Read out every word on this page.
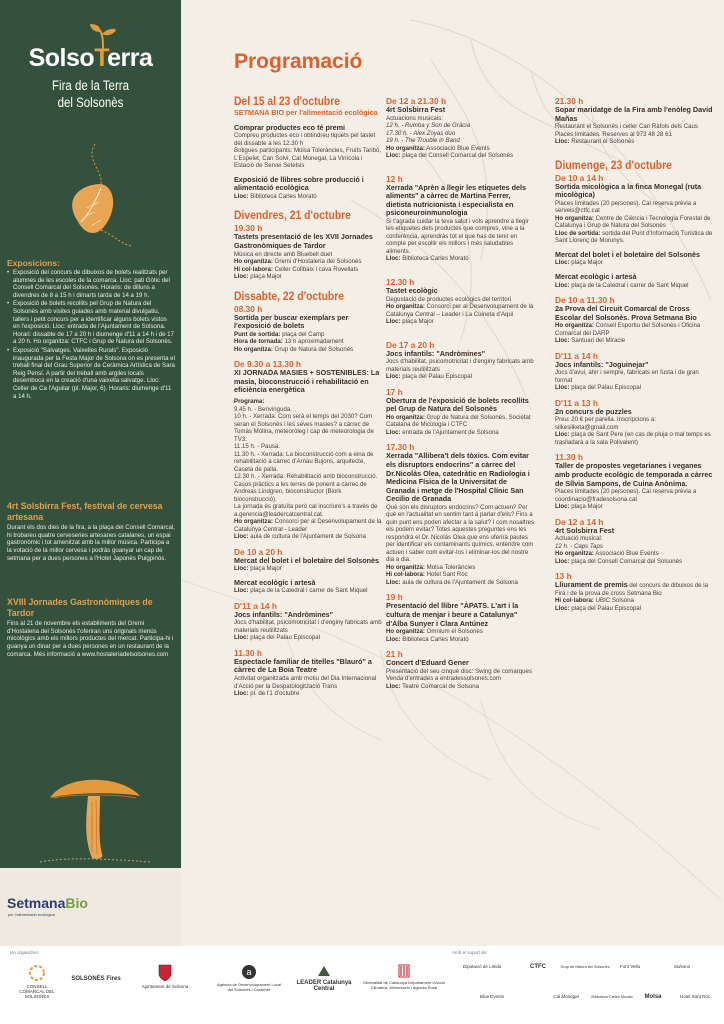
SolsoTerra
Fira de la Terra
del Solsonès
Exposicions:
• Exposició del concurs de dibuixos de bolets realitzats per alumnes de les escoles de la comarca. Lloc: pati Gòtic del Consell Comarcal del Solsonès. Horaris: de dilluns a divendres de 8 a 15 h i dimarts tarda de 14 a 19 h.
• Exposició de bolets recollits pel Grup de Natura del Solsonès amb visites guiades amb material divulgatiu, tallers i petit concurs per a identificar alguns bolets vistos en l'exposició. Lloc: entrada de l'Ajuntament de Solsona. Horari: dissabte de 17 a 20 h i diumenge d'11 a 14 h i de 17 a 20 h. Ho organitza: CTFC i Grup de Natura del Solsonès.
• Exposició "Salvatges. Vaixelles Rurals". Exposició inaugurada per la Festa Major de Solsona on es presenta el treball final del Grau Superior de Ceràmica Artística de Sara Reig Pensí. A partir del treball amb argiles locals desemboca en la creació d'una vaixella salvatge. Lloc: Celler de Ca l'Aguilar (pl. Major, 6). Horaris: diumenge d'11 a 14 h.
4rt Solsbirra Fest, festival de cervesa artesana
Durant els dos dies de la fira, a la plaça del Consell Comarcal, hi trobareu quatre cerveseries artesanes catalanes, un espai gastronòmic i tot amenitzat amb la millor música. Participa a la votació de la millor cervesa i podràs guanyar un cap de setmana per a dues persones a l'Hotel Japonès Puigpinós.
XVIII Jornades Gastronòmiques de Tardor
Fins al 21 de novembre els establiments del Gremi d'Hostaleria del Solsonès t'oferiran uns originals menús micològics amb els millors productes del mercat. Participa-hi i guanya un dinar per a dues persones en un restaurant de la comarca. Més informació a www.hostaleriadelsolsones.com
SetmanaBio
per l'alimentació ecològica
Programació
Del 15 al 23 d'octubre
SETMANA BIO per l'alimentació ecològica
Comprar productes eco té premi
Compreu productes eco i obtindreu tiquets pel tastet del dissabte a les 12.30 h
Botigues participants: Molsa Toleràncies, Fruits Taribó, L'Espelet, Can Solvi, Cal Monegal, La Vinícola i Estació de Servei Setelsis
Exposició de llibres sobre producció i alimentació ecològica
Lloc: Biblioteca Carles Morató
Divendres, 21 d'octubre
19.30 h
Tastets presentació de les XVII Jornades Gastronòmiques de Tardor
Música en directe amb Bluebell duet
Ho organitza: Gremi d'Hostaleria del Solsonès
Hi col·labora: Celler Collbaix i cava Rovellats
Lloc: plaça Major
Dissabte, 22 d'octubre
08.30 h
Sortida per buscar exemplars per l'exposició de bolets
Punt de sortida: plaça del Camp
Hora de tornada: 13 h aproximadament
Ho organitza: Grup de Natura del Solsonès
De 9.30 a 13.30 h
XI JORNADA MASIES + SOSTENIBLES: La masia, bioconstrucció i rehabilitació en eficiència energètica
Programa:
9.45 h. - Benvinguda.
10 h. - Xerrada: Com serà el temps del 2030? Com seran el Solsonès i les seves masies? a càrrec de Tomàs Molina, meteoròleg i cap de meteorologia de TV3.
11.15 h. - Pausa.
11.30 h. - Xerrada: La bioconstrucció com a eina de rehabilitació a càrrec d'Arnau Bujons, arquitecte, Caseta de palla.
12.30 h. - Xerrada: Rehabilitació amb bioconstrucció. Casos pràctics a les terres de ponent a càrrec de Andreas Lindgren, bioconstructor (Biork bioconstrucció).
La jornada és gratuïta però cal inscriure's a través de a.gerencia@leadercatcentral.cat.
Ho organitza: Consorci per al Desenvolupament de la Catalunya Central - Leader
Lloc: aula de cultura de l'Ajuntament de Solsona
De 10 a 20 h
Mercat del bolet i el boletaire del Solsonès
Lloc: plaça Major
Mercat ecològic i artesà
Lloc: plaça de la Catedral i carrer de Sant Miquel
D'11 a 14 h
Jocs infantils: "Andròmines"
Jocs d'habilitat, psicomotricitat i d'enginy fabricats amb materials reutilitzats
Lloc: plaça del Palau Episcopal
11.30 h
Espectacle familiar de titelles "Blauró" a càrrec de La Boia Teatre
Activitat organitzada amb motiu del Dia Internacional d'Acció per la Despatologització Trans
Lloc: pl. de l'1 d'octubre
De 12 a 21.30 h
4rt Solsbirra Fest
Actuacions musicals:
12 h. - Rumba y Son de Gràcia
17.30 h. - Alex Zoyas duo
19 h. - The Trouble in Band
Ho organitza: Associació Blue Events
Lloc: plaça del Consell Comarcal del Solsonès
12 h
Xerrada "Aprèn a llegir les etiquetes dels aliments" a càrrec de Martina Ferrer, dietista nutricionista i especialista en psiconeuroinmunologia
Si t'agrada cuidar la teva salut i vols aprendre a llegir les etiquetes dels productes que compres, vine a la conferència, aprendràs tot el que has de tenir en compte per escollir els millors i més saludables aliments.
Lloc: Biblioteca Carles Morató
12.30 h
Tastet ecològic
Degustació de productes ecològics del territori
Ho organitza: Consorci per al Desenvolupament de la Catalunya Central – Leader i La Cuineta d'Aquí
Lloc: plaça Major
De 17 a 20 h
Jocs infantils: "Andròmines"
Jocs d'habilitat, psicomotricitat i d'enginy fabricats amb materials reutilitzats
Lloc: plaça del Palau Episcopal
17 h
Obertura de l'exposició de bolets recollits pel Grup de Natura del Solsonès
Ho organitza: Grup de Natura del Solsonès, Societat Catalana de Micologia i CTFC
Lloc: entrada de l'Ajuntament de Solsona
17.30 h
Xerrada "Allibera't dels tòxics. Com evitar els disruptors endocrins" a càrrec del Dr.Nicolás Olea, catedràtic en Radiologia i Medicina Física de la Universitat de Granada i metge de l'Hospital Clínic San Cecilio de Granada
Què són els disruptors endocrins? Com actuen? Per què en l'actualitat en sentim tant a parlar d'ells? Fins a quin punt ens poden afectar a la salut? I com nosaltres els podem evitar? Totes aquestes preguntes ens les respondrà el Dr. Nicolás Olea que ens oferirà pautes per identificar els contaminants químics, entendre com actuen i saber com evitar-los i eliminar-los del nostre dia a dia.
Ho organitza: Molsa Toleràncies
Hi col·labora: Hotel Sant Roc
Lloc: aula de cultura de l'Ajuntament de Solsona
19 h
Presentació del llibre "ÀPATS. L'art i la cultura de menjar i beure a Catalunya" d'Alba Sunyer i Clara Antúnez
Ho organitza: Òmnium el Solsonès
Lloc: Biblioteca Carles Morató
21 h
Concert d'Eduard Gener
Presentació del seu cinquè disc: Swing de comarques
Venda d'entrades a entradessolsones.com
Lloc: Teatre Comarcal de Solsona
21.30 h
Sopar maridatge de la Fira amb l'enòleg David Mañas
Restaurant el Solsonès i celler Can Ràfols dels Caus
Places limitades. Reserves al 973 48 28 61
Lloc: Restaurant el Solsonès
Diumenge, 23 d'octubre
De 10 a 14 h
Sortida micològica a la finca Monegal (ruta micològica)
Places limitades (20 persones). Cal reserva prèvia a serveis@ctfc.cat
Ho organitza: Centre de Ciència i Tecnologia Forestal de Catalunya i Grup de Natura del Solsonès
Lloc de sortida: sortida del Punt d'Informació Turística de Sant Llorenç de Morunys.
Mercat del bolet i el boletaire del Solsonès
Lloc: plaça Major
Mercat ecològic i artesà
Lloc: plaça de la Catedral i carrer de Sant Miquel
De 10 a 11.30 h
2a Prova del Circuit Comarcal de Cross Escolar del Solsonès. Prova Setmana Bio
Ho organitza: Consell Esportiu del Solsonès i Oficina Comarcal del DARP
Lloc: Santuari del Miracle
D'11 a 14 h
Jocs infantils: "Joguinejar"
Jocs d'avui, ahir i sempre, fabricats en fusta i de gran format
Lloc: plaça del Palau Episcopal
D'11 a 13 h
2n concurs de puzzles
Preu: 20 € per parella. Inscripcions a: silkesilketa@gmail.com
Lloc: plaça de Sant Pere (en cas de pluja o mal temps es traslladarà a la sala Polivalent)
11.30 h
Taller de propostes vegetarianes i veganes amb producte ecològic de temporada a càrrec de Sílvia Sampons, de Cuina Anònima.
Places limitades (20 persones). Cal reserva prèvia a coordinacio@fradesolsona.cat
Lloc: plaça Major
De 12 a 14 h
4rt Solsbirra Fest
Actuació musical:
12 h. - Caps Taps
Ho organitza: Associació Blue Events
Lloc: plaça del Consell Comarcal del Solsonès
13 h
Lliurament de premis del concurs de dibuixos de la Fira i de la prova de cross Setmana Bio
Hi col·labora: UBIC Solsona
Lloc: plaça del Palau Episcopal
Ho organitzen:	Amb el suport de:
CONSELL COMARCAL DEL SOLSONÈS
SOLSONÈS Fires
Ajuntament de Solsona
a
Agència de Desenvolupament Local del Solsonès i Cardener
LEADER Catalunya Central
Generalitat de Catalunya Departament d'Acció Climàtica, Alimentació i Agenda Rural
Diputació de Lleida	CTFC	Grup de Natura del Solsonès	Font Vella	Solsona
Blue Events	Cal Monegal	Biblioteca Carles Morató	Molsa	Hotel Sant Roc
